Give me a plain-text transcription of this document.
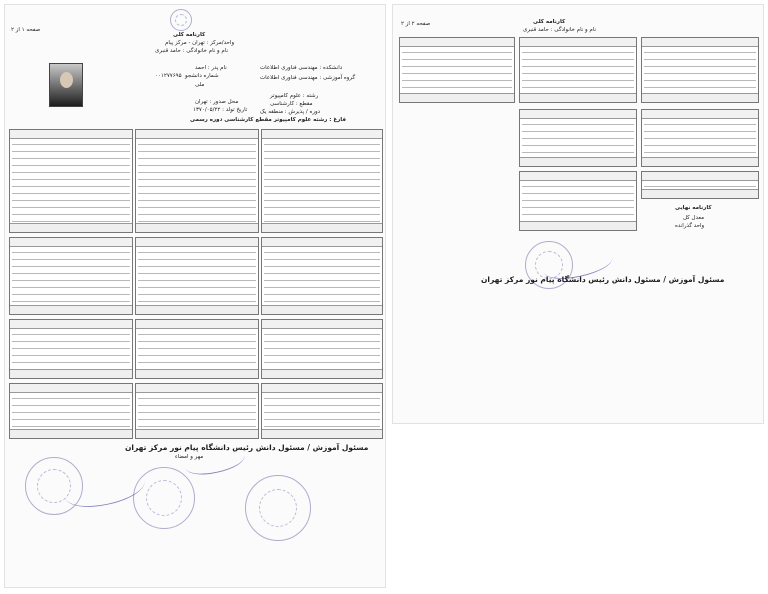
کارنامه کلی
واحد/مرکز : تهران - مرکز پیام
نام و نام خانوادگی : حامد قنبری
صفحه ۱ از ۲
نام پدر : احمد	دانشکده : مهندسی فناوری اطلاعات
شماره دانشجو
۰۰۱۲۷۷۶۹۵	گروه آموزشی : مهندسی فناوری اطلاعات
ملی
رشته : علوم کامپیوتر
محل صدور : تهران	مقطع : کارشناسی
تاریخ تولد : ۱۳۷۰/۰۵/۲۲ دوره / پذیرش : منطقه یک
فارغ : رشته علوم کامپیوتر مقطع کارشناسی دوره رسمی
مسئول آموزش / مسئول دانش رئیس دانشگاه پیام نور مرکز تهران
مهر و امضاء
کارنامه کلی
نام و نام خانوادگی : حامد قنبری
صفحه ۲ از ۲
کارنامه نهایی
معدل کل
واحد گذرانده
مسئول آموزش / مسئول دانش رئیس دانشگاه پیام نور مرکز تهران
